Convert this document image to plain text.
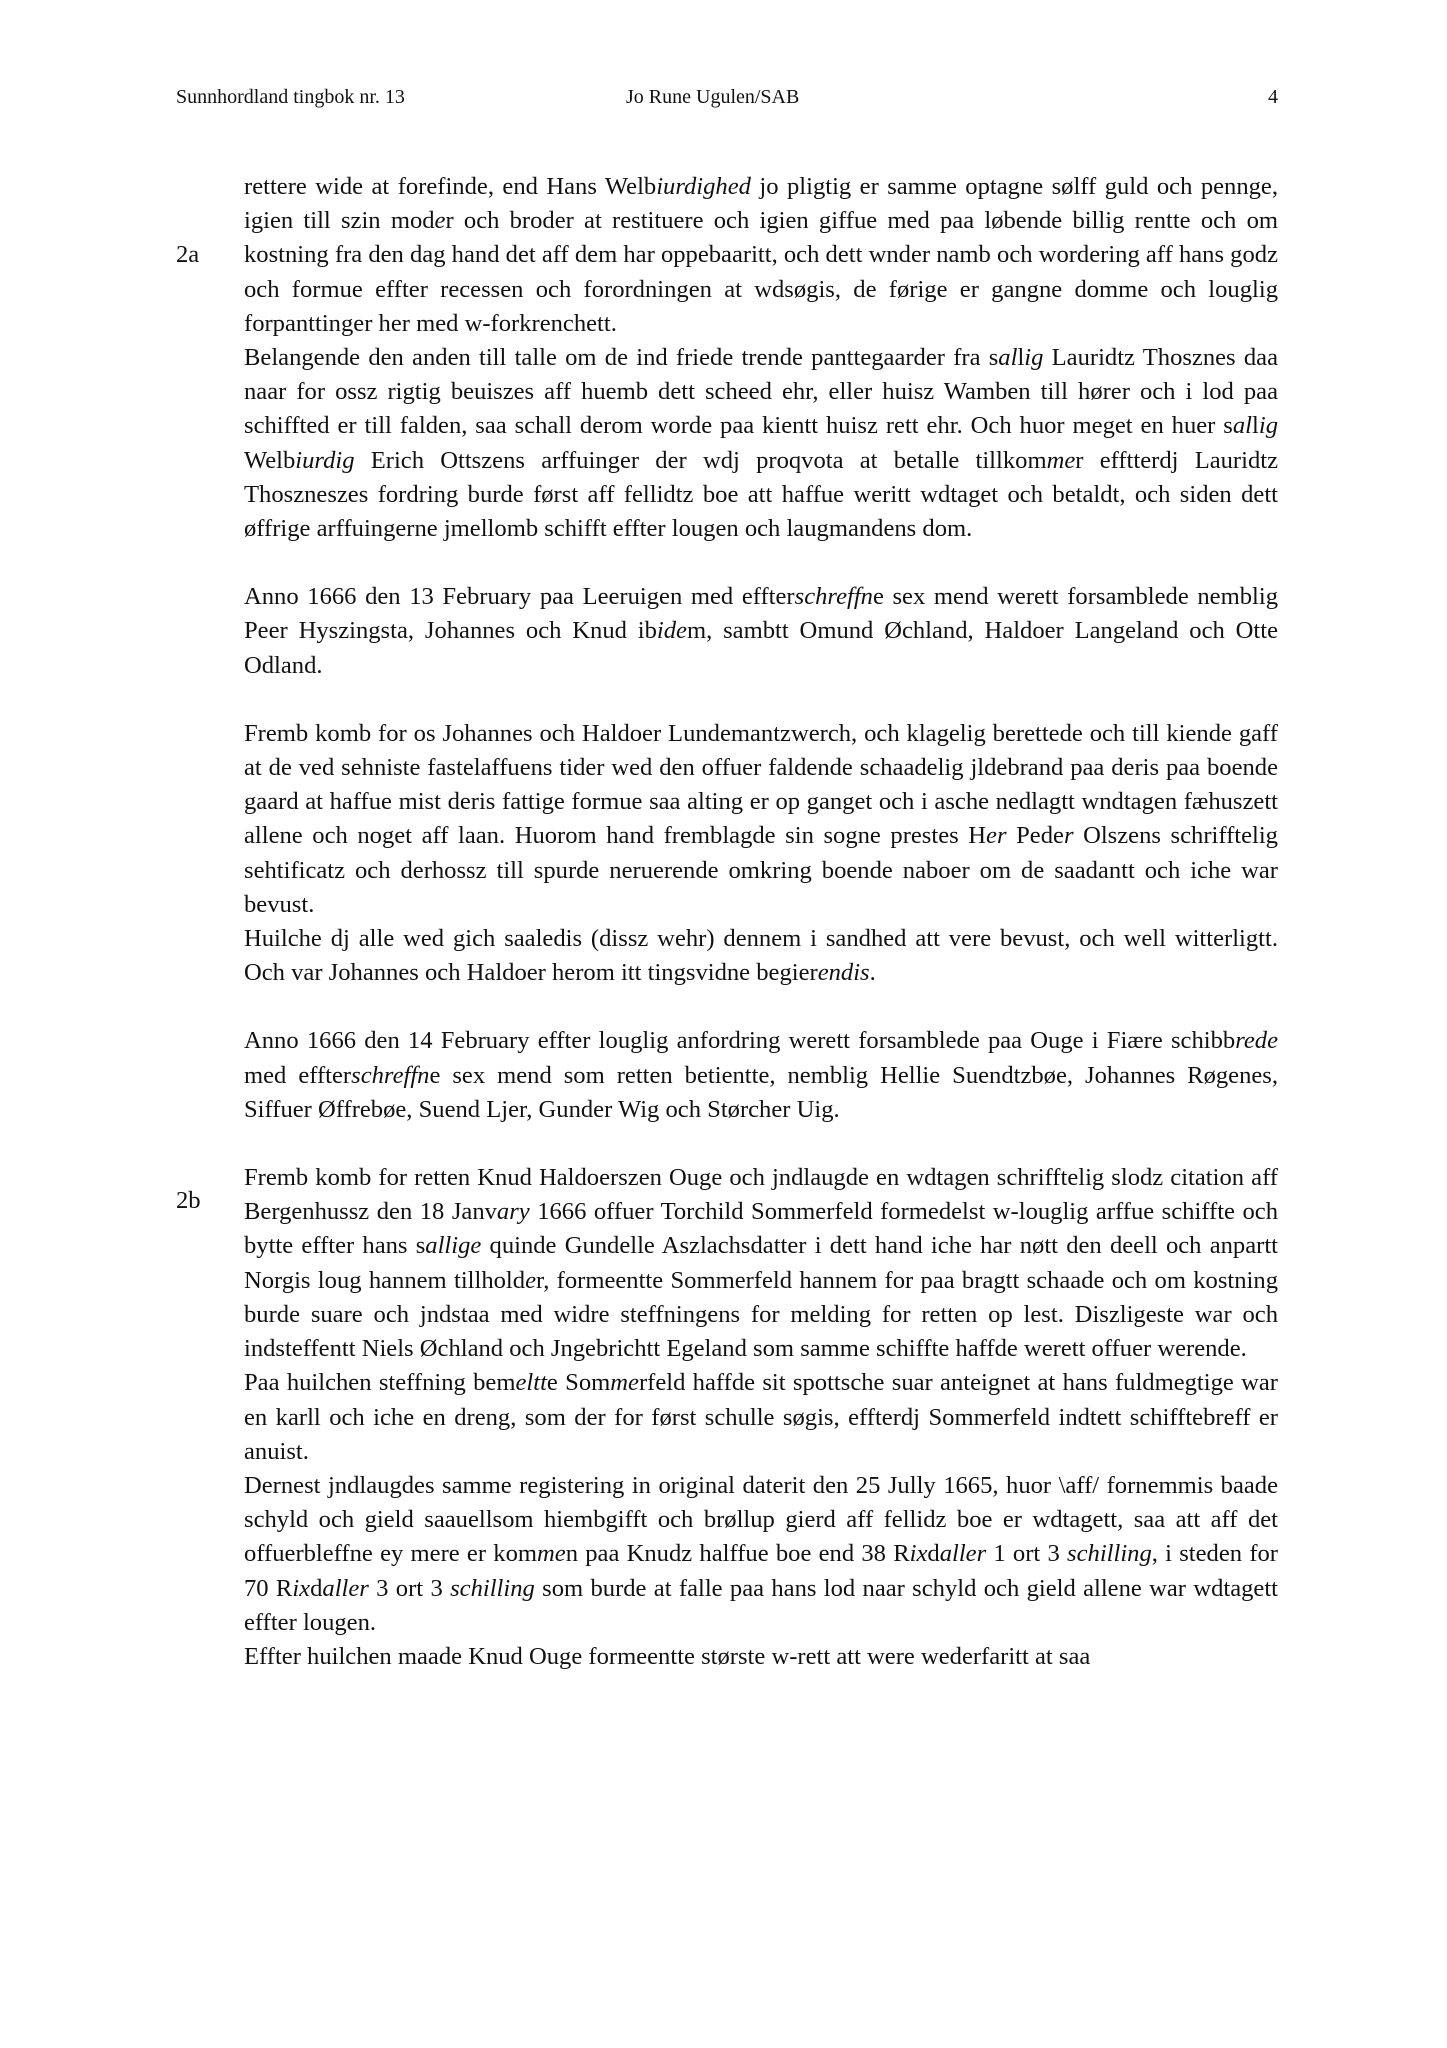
Sunnhordland tingbok nr. 13	Jo Rune Ugulen/SAB	4
2a
2b

rettere wide at forefinde, end Hans Welbiurdighed jo pligtig er samme optagne sølff guld och pennge, igien till szin moder och broder at restituere och igien giffue med paa løbende billig rentte och om kostning fra den dag hand det aff dem har oppebaaritt, och dett wnder namb och wordering aff hans godz och formue effter recessen och forordningen at wdsøgis, de førige er gangne domme och louglig forpanttinger her med w-forkrenchett.

Belangende den anden till talle om de ind friede trende panttegaarder fra sallig Lauridtz Thosznes daa naar for ossz rigtig beuiszes aff huemb dett scheed ehr, eller huisz Wamben till hører och i lod paa schiffted er till falden, saa schall derom worde paa kientt huisz rett ehr. Och huor meget en huer sallig Welbiurdig Erich Ottszens arffuinger der wdj proqvota at betalle tillkommer efftterdj Lauridtz Thoszneszes fordring burde først aff fellidtz boe att haffue weritt wdtaget och betaldt, och siden dett øffrige arffuingerne jmellomb schifft effter lougen och laugmandens dom.

Anno 1666 den 13 February paa Leeruigen med effterschreffne sex mend werett forsamblede nemblig Peer Hyszingsta, Johannes och Knud ibidem, sambtt Omund Øchland, Haldoer Langeland och Otte Odland.

Fremb komb for os Johannes och Haldoer Lundemantzwerch, och klagelig berettede och till kiende gaff at de ved sehniste fastelaffuens tider wed den offuer faldende schaadelig jldebrand paa deris paa boende gaard at haffue mist deris fattige formue saa alting er op ganget och i asche nedlagtt wndtagen fæhuszett allene och noget aff laan. Huorom hand fremblagde sin sogne prestes Her Peder Olszens schrifftelig sehtificatz och derhossz till spurde neruerende omkring boende naboer om de saadantt och iche war bevust.

Huilche dj alle wed gich saaledis (dissz wehr) dennem i sandhed att vere bevust, och well witterligtt. Och var Johannes och Haldoer herom itt tingsvidne begierendis.

Anno 1666 den 14 February effter louglig anfordring werett forsamblede paa Ouge i Fiære schibbrede med effterschreffne sex mend som retten betientte, nemblig Hellie Suendtzbøe, Johannes Røgenes, Siffuer Øffrebøe, Suend Ljer, Gunder Wig och Størcher Uig.

Fremb komb for retten Knud Haldoerszen Ouge och jndlaugde en wdtagen schrifftelig slodz citation aff Bergenhussz den 18 Janvary 1666 offuer Torchild Sommerfeld formedelst w-louglig arffue schiffte och bytte effter hans sallige quinde Gundelle Aszlachsdatter i dett hand iche har nøtt den deell och anpartt Norgis loug hannem tillholder, formeentte Sommerfeld hannem for paa bragtt schaade och om kostning burde suare och jndstaa med widre steffningens for melding for retten op lest. Diszligeste war och indsteffentt Niels Øchland och Jngebrichtt Egeland som samme schiffte haffde werett offuer werende.

Paa huilchen steffning bemeltte Sommerfeld haffde sit spottsche suar anteignet at hans fuldmegtige war en karll och iche en dreng, som der for først schulle søgis, effterdj Sommerfeld indtett schifftebreff er anuist.

Dernest jndlaugdes samme registering in original daterit den 25 Jully 1665, huor \aff/ fornemmis baade schyld och gield saauellsom hiembgifft och brøllup gierd aff fellidz boe er wdtagett, saa att aff det offuerbleffne ey mere er kommen paa Knudz halffue boe end 38 Rixdaller 1 ort 3 schilling, i steden for 70 Rixdaller 3 ort 3 schilling som burde at falle paa hans lod naar schyld och gield allene war wdtagett effter lougen.

Effter huilchen maade Knud Ouge formeentte største w-rett att were wederfaritt at saa
